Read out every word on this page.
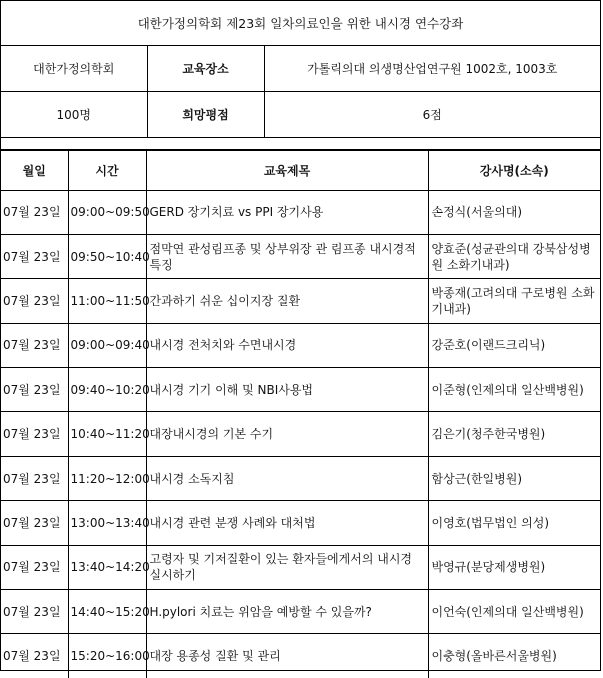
대한가정의학회 제23회 일차의료인을 위한 내시경 연수강좌		
대한가정의학회	교육장소	가톨릭의대 의생명산업연구원 1002호, 1003호
100명	희망평점	6점

월일	시간	교육제목	강사명(소속)
07월 23일	09:00~09:50	GERD 장기치료 vs PPI 장기사용	손정식(서울의대)
07월 23일	09:50~10:40	점막연 관성림프종 및 상부위장 관 림프종 내시경적 특징	양효준(성균관의대 강북삼성병원 소화기내과)
07월 23일	11:00~11:50	간과하기 쉬운 십이지장 질환	박종재(고려의대 구로병원 소화기내과)
07월 23일	09:00~09:40	내시경 전처치와 수면내시경	강준호(이랜드크리닉)
07월 23일	09:40~10:20	내시경 기기 이해 및 NBI사용법	이준형(인제의대 일산백병원)
07월 23일	10:40~11:20	대장내시경의 기본 수기	김은기(청주한국병원)
07월 23일	11:20~12:00	내시경 소독지침	함상근(한일병원)
07월 23일	13:00~13:40	내시경 관련 분쟁 사례와 대처법	이영호(법무법인 의성)
07월 23일	13:40~14:20	고령자 및 기저질환이 있는 환자들에게서의 내시경 실시하기	박영규(분당제생병원)
07월 23일	14:40~15:20	H.pylori 치료는 위암을 예방할 수 있을까?	이언숙(인제의대 일산백병원)
07월 23일	15:20~16:00	대장 용종성 질환 및 관리	이충형(올바른서울병원)
